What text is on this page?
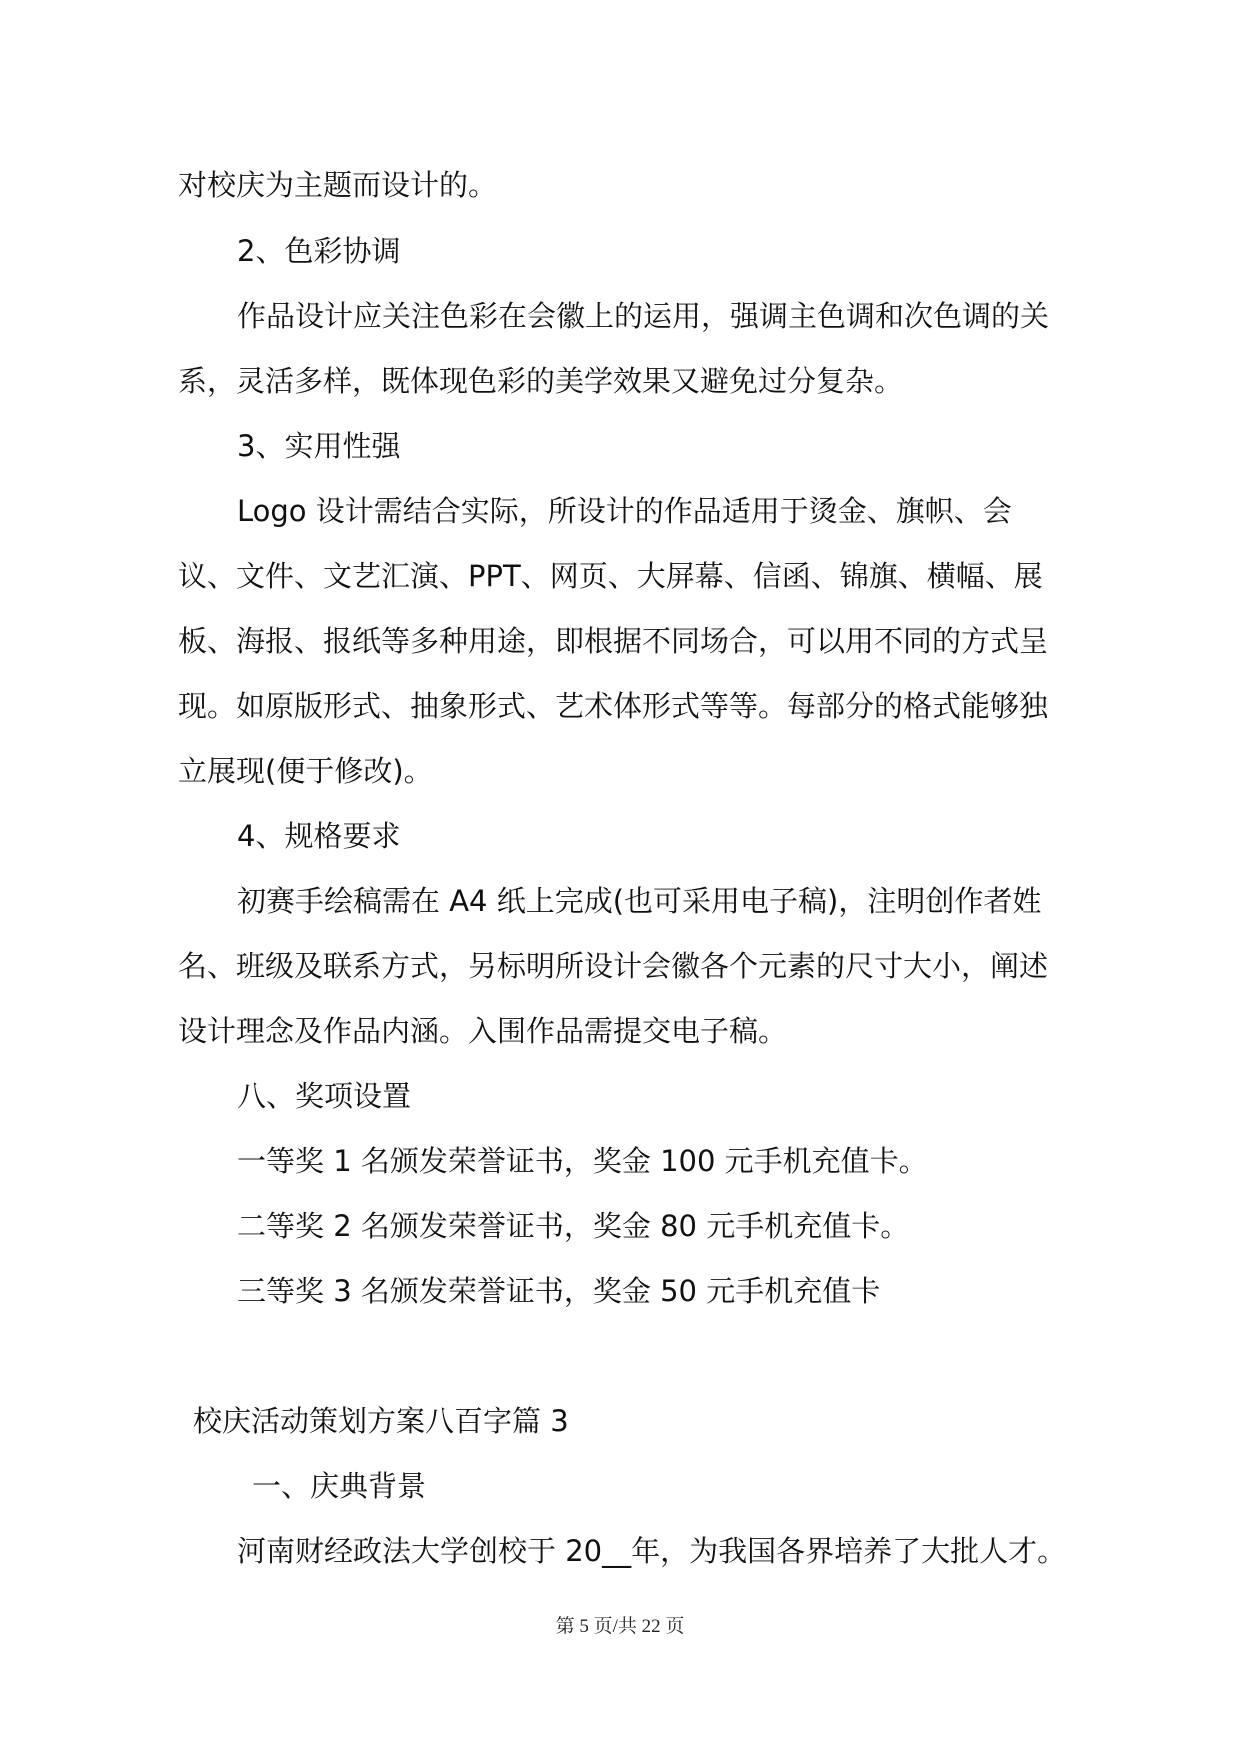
对校庆为主题而设计的。
2、色彩协调
作品设计应关注色彩在会徽上的运用，强调主色调和次色调的关
系，灵活多样，既体现色彩的美学效果又避免过分复杂。
3、实用性强
Logo 设计需结合实际，所设计的作品适用于烫金、旗帜、会
议、文件、文艺汇演、PPT、网页、大屏幕、信函、锦旗、横幅、展
板、海报、报纸等多种用途，即根据不同场合，可以用不同的方式呈
现。如原版形式、抽象形式、艺术体形式等等。每部分的格式能够独
立展现(便于修改)。
4、规格要求
初赛手绘稿需在 A4 纸上完成(也可采用电子稿)，注明创作者姓
名、班级及联系方式，另标明所设计会徽各个元素的尺寸大小，阐述
设计理念及作品内涵。入围作品需提交电子稿。
八、奖项设置
一等奖 1 名颁发荣誉证书，奖金 100 元手机充值卡。
二等奖 2 名颁发荣誉证书，奖金 80 元手机充值卡。
三等奖 3 名颁发荣誉证书，奖金 50 元手机充值卡
校庆活动策划方案八百字篇 3
一、庆典背景
河南财经政法大学创校于 20__年，为我国各界培养了大批人才。
第 5 页/共 22 页
